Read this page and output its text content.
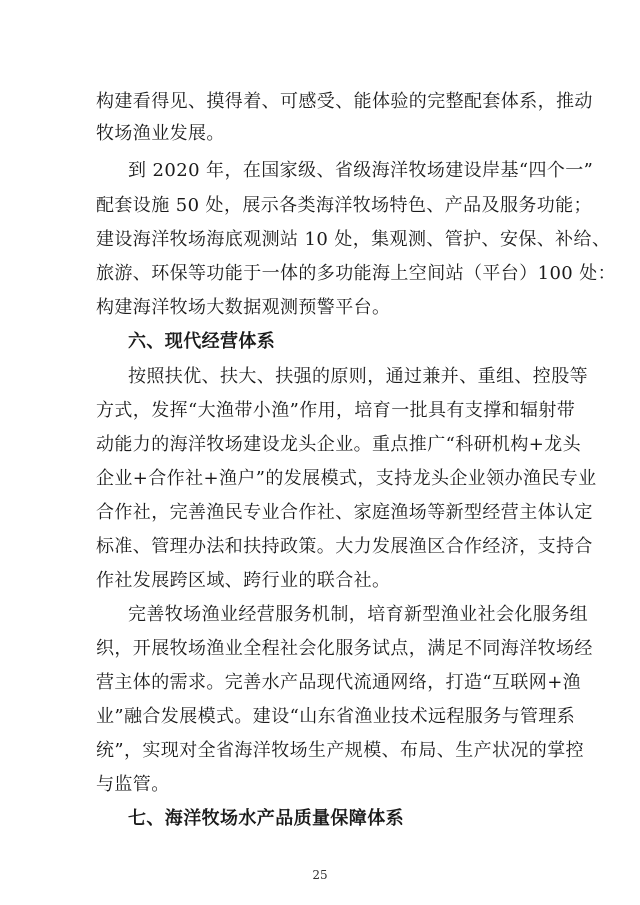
构建看得见、摸得着、可感受、能体验的完整配套体系，推动
牧场渔业发展。
到 2020 年，在国家级、省级海洋牧场建设岸基“四个一”
配套设施 50 处，展示各类海洋牧场特色、产品及服务功能；
建设海洋牧场海底观测站 10 处，集观测、管护、安保、补给、
旅游、环保等功能于一体的多功能海上空间站（平台）100 处：
构建海洋牧场大数据观测预警平台。
六、现代经营体系
按照扶优、扶大、扶强的原则，通过兼并、重组、控股等
方式，发挥“大渔带小渔”作用，培育一批具有支撑和辐射带
动能力的海洋牧场建设龙头企业。重点推广“科研机构+龙头
企业+合作社+渔户”的发展模式，支持龙头企业领办渔民专业
合作社，完善渔民专业合作社、家庭渔场等新型经营主体认定
标准、管理办法和扶持政策。大力发展渔区合作经济，支持合
作社发展跨区域、跨行业的联合社。
完善牧场渔业经营服务机制，培育新型渔业社会化服务组
织，开展牧场渔业全程社会化服务试点，满足不同海洋牧场经
营主体的需求。完善水产品现代流通网络，打造“互联网+渔
业”融合发展模式。建设“山东省渔业技术远程服务与管理系
统”，实现对全省海洋牧场生产规模、布局、生产状况的掌控
与监管。
七、海洋牧场水产品质量保障体系
25
